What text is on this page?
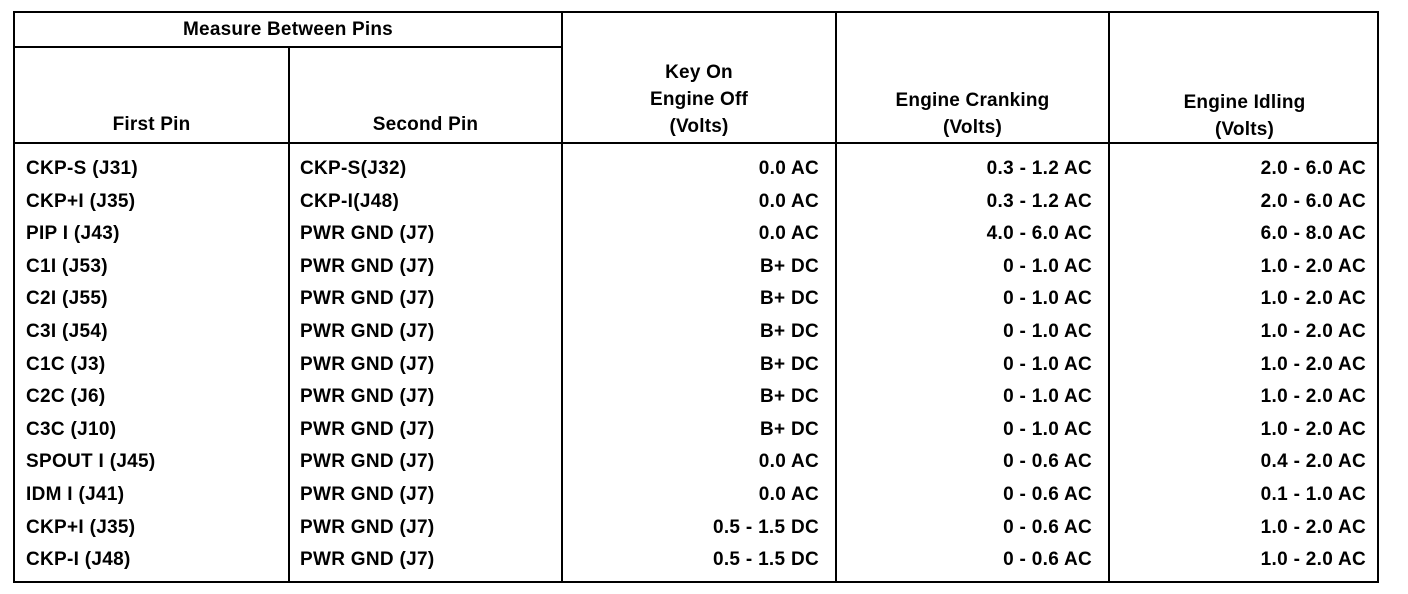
Measure Between Pins
First Pin	Second Pin
Key On
Engine Off
(Volts)
Engine Cranking
(Volts)
Engine Idling
(Volts)
CKP-S (J31)	CKP-S(J32)	0.0 AC	0.3 - 1.2 AC	2.0 - 6.0 AC
CKP+I (J35)	CKP-I(J48)	0.0 AC	0.3 - 1.2 AC	2.0 - 6.0 AC
PIP I (J43)	PWR GND (J7)	0.0 AC	4.0 - 6.0 AC	6.0 - 8.0 AC
C1I (J53)	PWR GND (J7)	B+ DC	0 - 1.0 AC	1.0 - 2.0 AC
C2I (J55)	PWR GND (J7)	B+ DC	0 - 1.0 AC	1.0 - 2.0 AC
C3I (J54)	PWR GND (J7)	B+ DC	0 - 1.0 AC	1.0 - 2.0 AC
C1C (J3)	PWR GND (J7)	B+ DC	0 - 1.0 AC	1.0 - 2.0 AC
C2C (J6)	PWR GND (J7)	B+ DC	0 - 1.0 AC	1.0 - 2.0 AC
C3C (J10)	PWR GND (J7)	B+ DC	0 - 1.0 AC	1.0 - 2.0 AC
SPOUT I (J45)	PWR GND (J7)	0.0 AC	0 - 0.6 AC	0.4 - 2.0 AC
IDM I (J41)	PWR GND (J7)	0.0 AC	0 - 0.6 AC	0.1 - 1.0 AC
CKP+I (J35)	PWR GND (J7)	0.5 - 1.5 DC	0 - 0.6 AC	1.0 - 2.0 AC
CKP-I (J48)	PWR GND (J7)	0.5 - 1.5 DC	0 - 0.6 AC	1.0 - 2.0 AC
